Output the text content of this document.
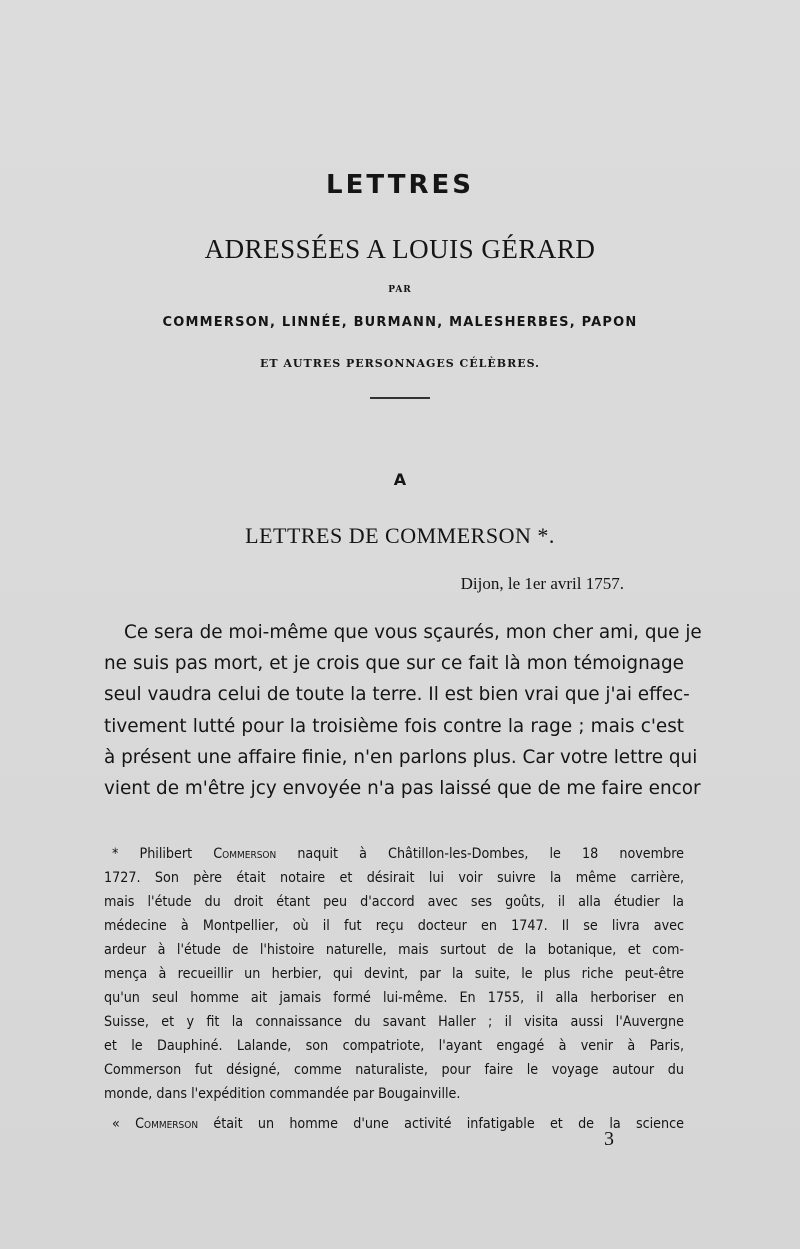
LETTRES
ADRESSÉES A LOUIS GÉRARD
PAR
COMMERSON, LINNÉE, BURMANN, MALESHERBES, PAPON
ET AUTRES PERSONNAGES CÉLÈBRES.
A
LETTRES DE COMMERSON *.
Dijon, le 1er avril 1757.
Ce sera de moi-même que vous sçaurés, mon cher ami, que je
ne suis pas mort, et je crois que sur ce fait là mon témoignage
seul vaudra celui de toute la terre. Il est bien vrai que j'ai effec-
tivement lutté pour la troisième fois contre la rage ; mais c'est
à présent une affaire finie, n'en parlons plus. Car votre lettre qui
vient de m'être jcy envoyée n'a pas laissé que de me faire encor
* Philibert Commerson naquit à Châtillon-les-Dombes, le 18 novembre
1727. Son père était notaire et désirait lui voir suivre la même carrière,
mais l'étude du droit étant peu d'accord avec ses goûts, il alla étudier la
médecine à Montpellier, où il fut reçu docteur en 1747. Il se livra avec
ardeur à l'étude de l'histoire naturelle, mais surtout de la botanique, et com-
mença à recueillir un herbier, qui devint, par la suite, le plus riche peut-être
qu'un seul homme ait jamais formé lui-même. En 1755, il alla herboriser en
Suisse, et y fit la connaissance du savant Haller ; il visita aussi l'Auvergne
et le Dauphiné. Lalande, son compatriote, l'ayant engagé à venir à Paris,
Commerson fut désigné, comme naturaliste, pour faire le voyage autour du
monde, dans l'expédition commandée par Bougainville.
« Commerson était un homme d'une activité infatigable et de la science
3
